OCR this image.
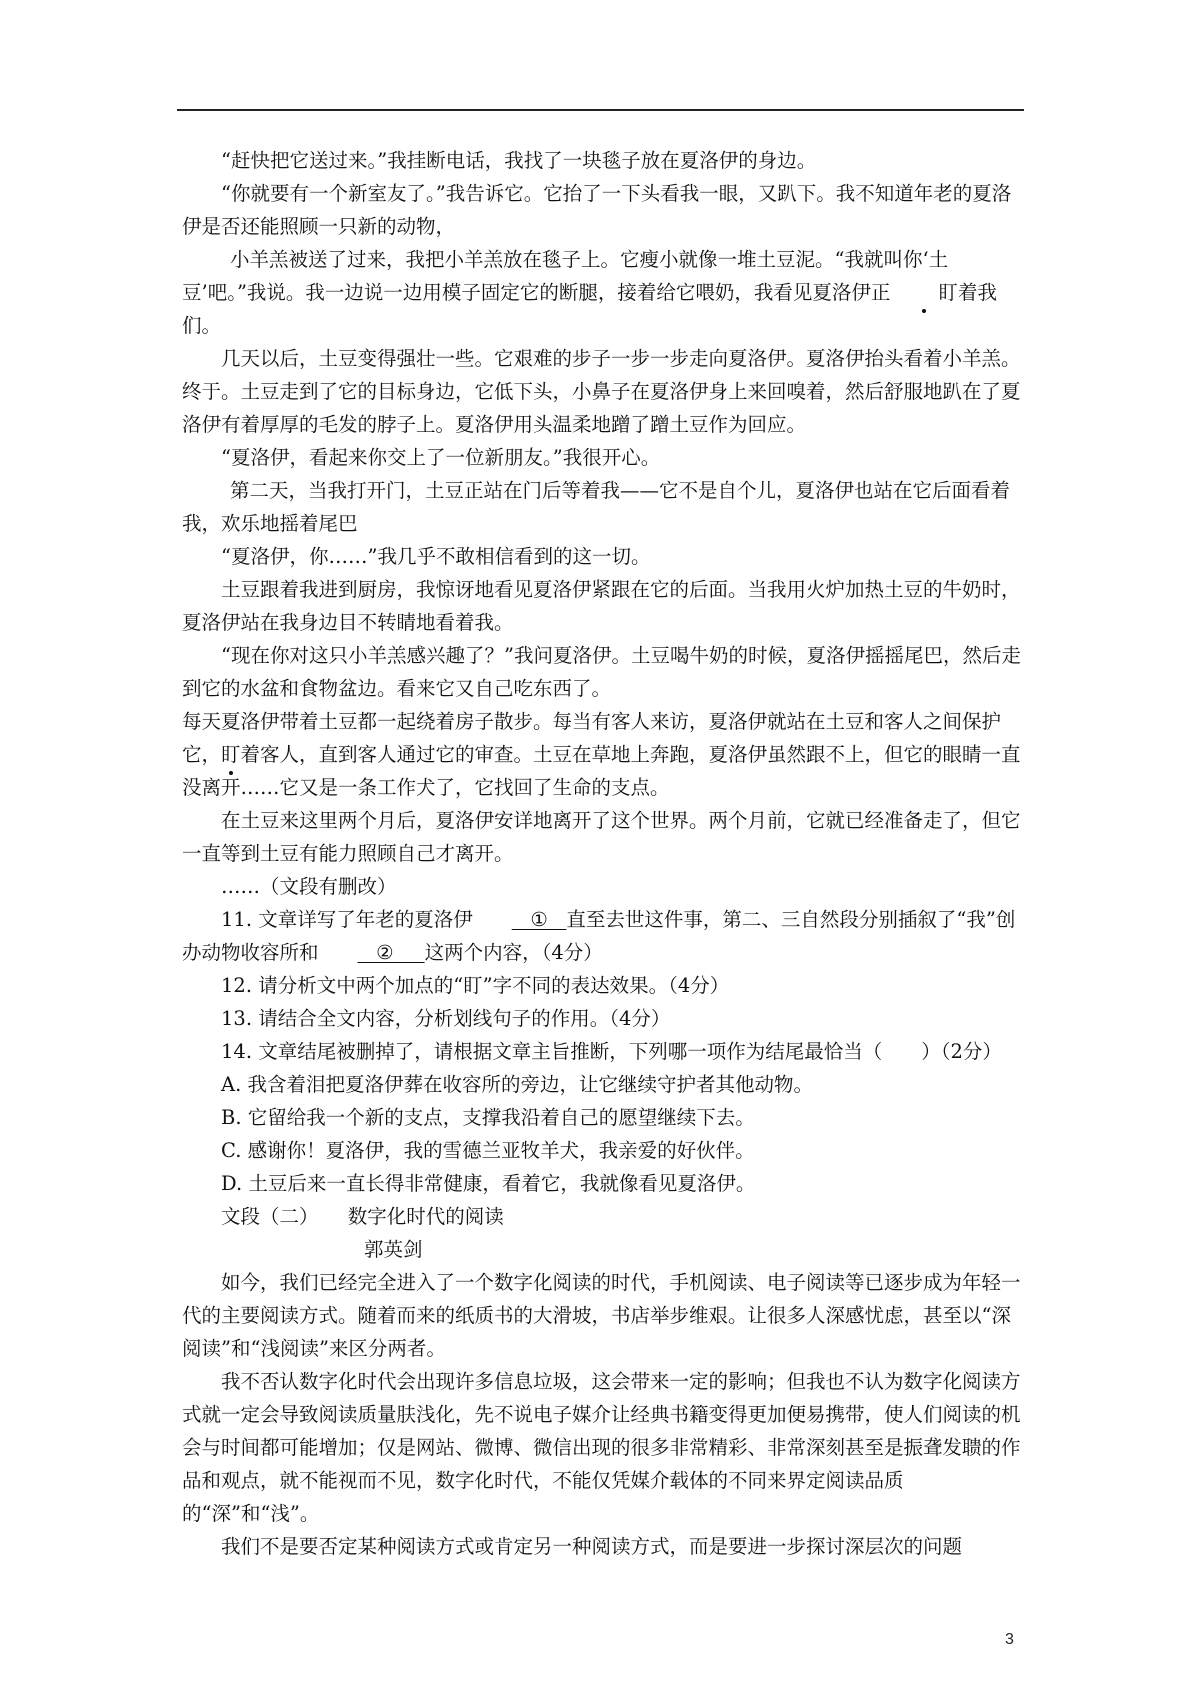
“赶快把它送过来。”我挂断电话，我找了一块毯子放在夏洛伊的身边。

“你就要有一个新室友了。”我告诉它。它抬了一下头看我一眼，又趴下。我不知道年老的夏洛伊是否还能照顾一只新的动物，

小羊羔被送了过来，我把小羊羔放在毯子上。它瘦小就像一堆土豆泥。“我就叫你‘土豆’吧。”我说。我一边说一边用模子固定它的断腿，接着给它喂奶，我看见夏洛伊正 盯着我们。

几天以后，土豆变得强壮一些。它艰难的步子一步一步走向夏洛伊。夏洛伊抬头看着小羊羔。终于。土豆走到了它的目标身边，它低下头，小鼻子在夏洛伊身上来回嗅着，然后舒服地趴在了夏洛伊有着厚厚的毛发的脖子上。夏洛伊用头温柔地蹭了蹭土豆作为回应。

“夏洛伊，看起来你交上了一位新朋友。”我很开心。

第二天，当我打开门，土豆正站在门后等着我——它不是自个儿，夏洛伊也站在它后面看着我，欢乐地摇着尾巴

“夏洛伊，你……”我几乎不敢相信看到的这一切。

土豆跟着我进到厨房，我惊讶地看见夏洛伊紧跟在它的后面。当我用火炉加热土豆的牛奶时，夏洛伊站在我身边目不转睛地看着我。

“现在你对这只小羊羔感兴趣了？”我问夏洛伊。土豆喝牛奶的时候，夏洛伊摇摇尾巴，然后走到它的水盆和食物盆边。看来它又自己吃东西了。

每天夏洛伊带着土豆都一起绕着房子散步。每当有客人来访，夏洛伊就站在土豆和客人之间保护它，盯着客人，直到客人通过它的审查。土豆在草地上奔跑，夏洛伊虽然跟不上，但它的眼睛一直没离开……它又是一条工作犬了，它找回了生命的支点。

在土豆来这里两个月后，夏洛伊安详地离开了这个世界。两个月前，它就已经准备走了，但它一直等到土豆有能力照顾自己才离开。

……（文段有删改）

11. 文章详写了年老的夏洛伊   ①   直至去世这件事，第二、三自然段分别插叙了“我”创办动物收容所和   ②     这两个内容，（4分）

12. 请分析文中两个加点的“盯”字不同的表达效果。（4分）

13. 请结合全文内容，分析划线句子的作用。（4分）

14. 文章结尾被删掉了，请根据文章主旨推断，下列哪一项作为结尾最恰当（　　）（2分）

A. 我含着泪把夏洛伊葬在收容所的旁边，让它继续守护者其他动物。

B. 它留给我一个新的支点，支撑我沿着自己的愿望继续下去。

C. 感谢你！夏洛伊，我的雪德兰亚牧羊犬，我亲爱的好伙伴。

D. 土豆后来一直长得非常健康，看着它，我就像看见夏洛伊。

文段（二）　　数字化时代的阅读

郭英剑

如今，我们已经完全进入了一个数字化阅读的时代，手机阅读、电子阅读等已逐步成为年轻一代的主要阅读方式。随着而来的纸质书的大滑坡，书店举步维艰。让很多人深感忧虑，甚至以“深阅读”和“浅阅读”来区分两者。

我不否认数字化时代会出现许多信息垃圾，这会带来一定的影响；但我也不认为数字化阅读方式就一定会导致阅读质量肤浅化，先不说电子媒介让经典书籍变得更加便易携带，使人们阅读的机会与时间都可能增加；仅是网站、微博、微信出现的很多非常精彩、非常深刻甚至是振聋发聩的作品和观点，就不能视而不见，数字化时代，不能仅凭媒介载体的不同来界定阅读品质的“深”和“浅”。

我们不是要否定某种阅读方式或肯定另一种阅读方式，而是要进一步探讨深层次的问题

3
